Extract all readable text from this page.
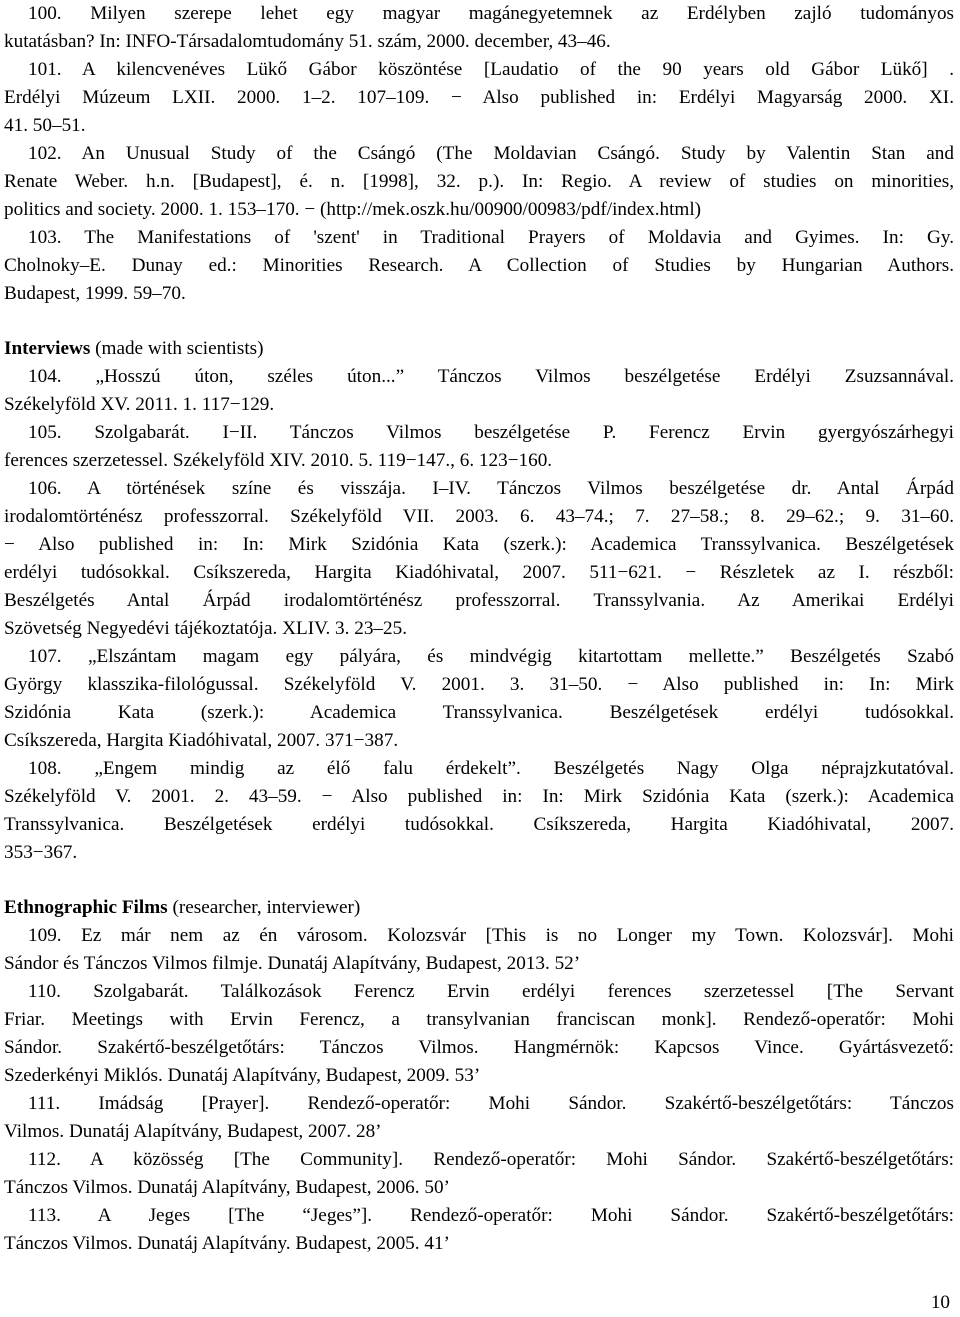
100. Milyen szerepe lehet egy magyar magánegyetemnek az Erdélyben zajló tudományos
kutatásban? In: INFO-Társadalomtudomány 51. szám, 2000. december, 43–46.
101. A kilencvenéves Lükő Gábor köszöntése [Laudatio of the 90 years old Gábor Lükő] .
Erdélyi Múzeum LXII. 2000. 1–2. 107–109. − Also published in: Erdélyi Magyarság 2000. XI.
41. 50–51.
102. An Unusual Study of the Csángó (The Moldavian Csángó. Study by Valentin Stan and
Renate Weber. h.n. [Budapest], é. n. [1998], 32. p.). In: Regio. A review of studies on minorities,
politics and society. 2000. 1. 153–170. − (http://mek.oszk.hu/00900/00983/pdf/index.html)
103. The Manifestations of 'szent' in Traditional Prayers of Moldavia and Gyimes. In: Gy.
Cholnoky–E. Dunay ed.: Minorities Research. A Collection of Studies by Hungarian Authors.
Budapest, 1999. 59–70.
Interviews (made with scientists)
104. „Hosszú úton, széles úton...” Tánczos Vilmos beszélgetése Erdélyi Zsuzsannával.
Székelyföld XV. 2011. 1. 117−129.
105. Szolgabarát. I−II. Tánczos Vilmos beszélgetése P. Ferencz Ervin gyergyószárhegyi
ferences szerzetessel. Székelyföld XIV. 2010. 5. 119−147., 6. 123−160.
106. A történések színe és visszája. I–IV. Tánczos Vilmos beszélgetése dr. Antal Árpád
irodalomtörténész professzorral. Székelyföld VII. 2003. 6. 43–74.; 7. 27–58.; 8. 29–62.; 9. 31–60.
− Also published in: In: Mirk Szidónia Kata (szerk.): Academica Transsylvanica. Beszélgetések
erdélyi tudósokkal. Csíkszereda, Hargita Kiadóhivatal, 2007. 511−621. − Részletek az I. részből:
Beszélgetés Antal Árpád irodalomtörténész professzorral. Transsylvania. Az Amerikai Erdélyi
Szövetség Negyedévi tájékoztatója. XLIV. 3. 23–25.
107. „Elszántam magam egy pályára, és mindvégig kitartottam mellette.” Beszélgetés Szabó
György klasszika-filológussal. Székelyföld V. 2001. 3. 31–50. − Also published in: In: Mirk
Szidónia Kata (szerk.): Academica Transsylvanica. Beszélgetések erdélyi tudósokkal.
Csíkszereda, Hargita Kiadóhivatal, 2007. 371−387.
108. „Engem mindig az élő falu érdekelt”. Beszélgetés Nagy Olga néprajzkutatóval.
Székelyföld V. 2001. 2. 43–59. − Also published in: In: Mirk Szidónia Kata (szerk.): Academica
Transsylvanica. Beszélgetések erdélyi tudósokkal. Csíkszereda, Hargita Kiadóhivatal, 2007.
353−367.
Ethnographic Films (researcher, interviewer)
109. Ez már nem az én városom. Kolozsvár [This is no Longer my Town. Kolozsvár]. Mohi
Sándor és Tánczos Vilmos filmje. Dunatáj Alapítvány, Budapest, 2013. 52’
110. Szolgabarát. Találkozások Ferencz Ervin erdélyi ferences szerzetessel [The Servant
Friar. Meetings with Ervin Ferencz, a transylvanian franciscan monk]. Rendező-operatőr: Mohi
Sándor. Szakértő-beszélgetőtárs: Tánczos Vilmos. Hangmérnök: Kapcsos Vince. Gyártásvezető:
Szederkényi Miklós. Dunatáj Alapítvány, Budapest, 2009. 53’
111. Imádság [Prayer]. Rendező-operatőr: Mohi Sándor. Szakértő-beszélgetőtárs: Tánczos
Vilmos. Dunatáj Alapítvány, Budapest, 2007. 28’
112. A közösség [The Community]. Rendező-operatőr: Mohi Sándor. Szakértő-beszélgetőtárs:
Tánczos Vilmos. Dunatáj Alapítvány, Budapest, 2006. 50’
113. A Jeges [The “Jeges”]. Rendező-operatőr: Mohi Sándor. Szakértő-beszélgetőtárs:
Tánczos Vilmos. Dunatáj Alapítvány. Budapest, 2005. 41’
10
